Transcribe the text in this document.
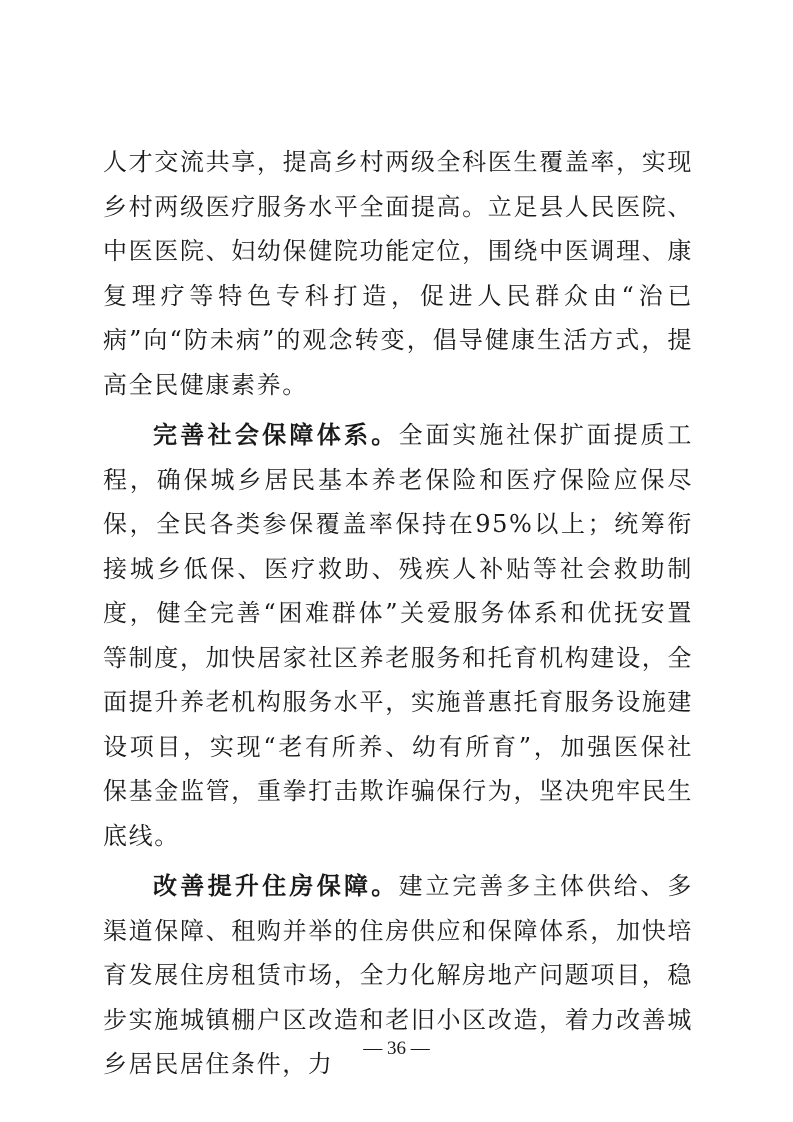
人才交流共享，提高乡村两级全科医生覆盖率，实现乡村两级医疗服务水平全面提高。立足县人民医院、中医医院、妇幼保健院功能定位，围绕中医调理、康复理疗等特色专科打造，促进人民群众由“治已病”向“防未病”的观念转变，倡导健康生活方式，提高全民健康素养。

完善社会保障体系。全面实施社保扩面提质工程，确保城乡居民基本养老保险和医疗保险应保尽保，全民各类参保覆盖率保持在95%以上；统筹衔接城乡低保、医疗救助、残疾人补贴等社会救助制度，健全完善“困难群体”关爱服务体系和优抚安置等制度，加快居家社区养老服务和托育机构建设，全面提升养老机构服务水平，实施普惠托育服务设施建设项目，实现“老有所养、幼有所育”，加强医保社保基金监管，重拳打击欺诈骗保行为，坚决兜牢民生底线。

改善提升住房保障。建立完善多主体供给、多渠道保障、租购并举的住房供应和保障体系，加快培育发展住房租赁市场，全力化解房地产问题项目，稳步实施城镇棚户区改造和老旧小区改造，着力改善城乡居民居住条件，力

— 36 —
